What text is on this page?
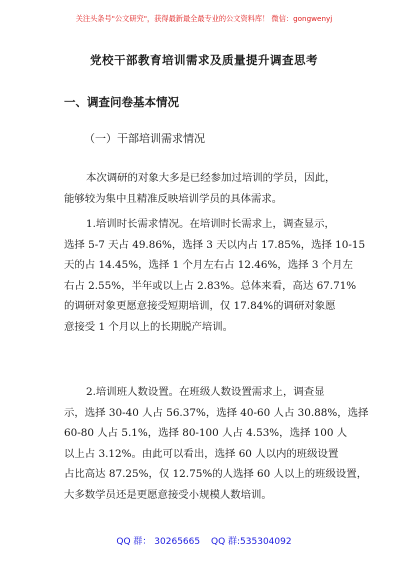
关注头条号"公文研究"，获得最新最全最专业的公文资料库！ 微信：gongwenyj
党校干部教育培训需求及质量提升调查思考
一、调查问卷基本情况
（一）干部培训需求情况
本次调研的对象大多是已经参加过培训的学员，因此，
能够较为集中且精准反映培训学员的具体需求。
1.培训时长需求情况。在培训时长需求上，调查显示，
选择 5-7 天占 49.86%，选择 3 天以内占 17.85%，选择 10-15
天的占 14.45%，选择 1 个月左右占 12.46%，选择 3 个月左
右占 2.55%，半年或以上占 2.83%。总体来看，高达 67.71%
的调研对象更愿意接受短期培训，仅 17.84%的调研对象愿
意接受 1 个月以上的长期脱产培训。
2.培训班人数设置。在班级人数设置需求上，调查显
示，选择 30-40 人占 56.37%，选择 40-60 人占 30.88%，选择
60-80 人占 5.1%，选择 80-100 人占 4.53%，选择 100 人
以上占 3.12%。由此可以看出，选择 60 人以内的班级设置
占比高达 87.25%，仅 12.75%的人选择 60 人以上的班级设置，
大多数学员还是更愿意接受小规模人数培训。
QQ 群： 30265665 QQ 群:535304092
